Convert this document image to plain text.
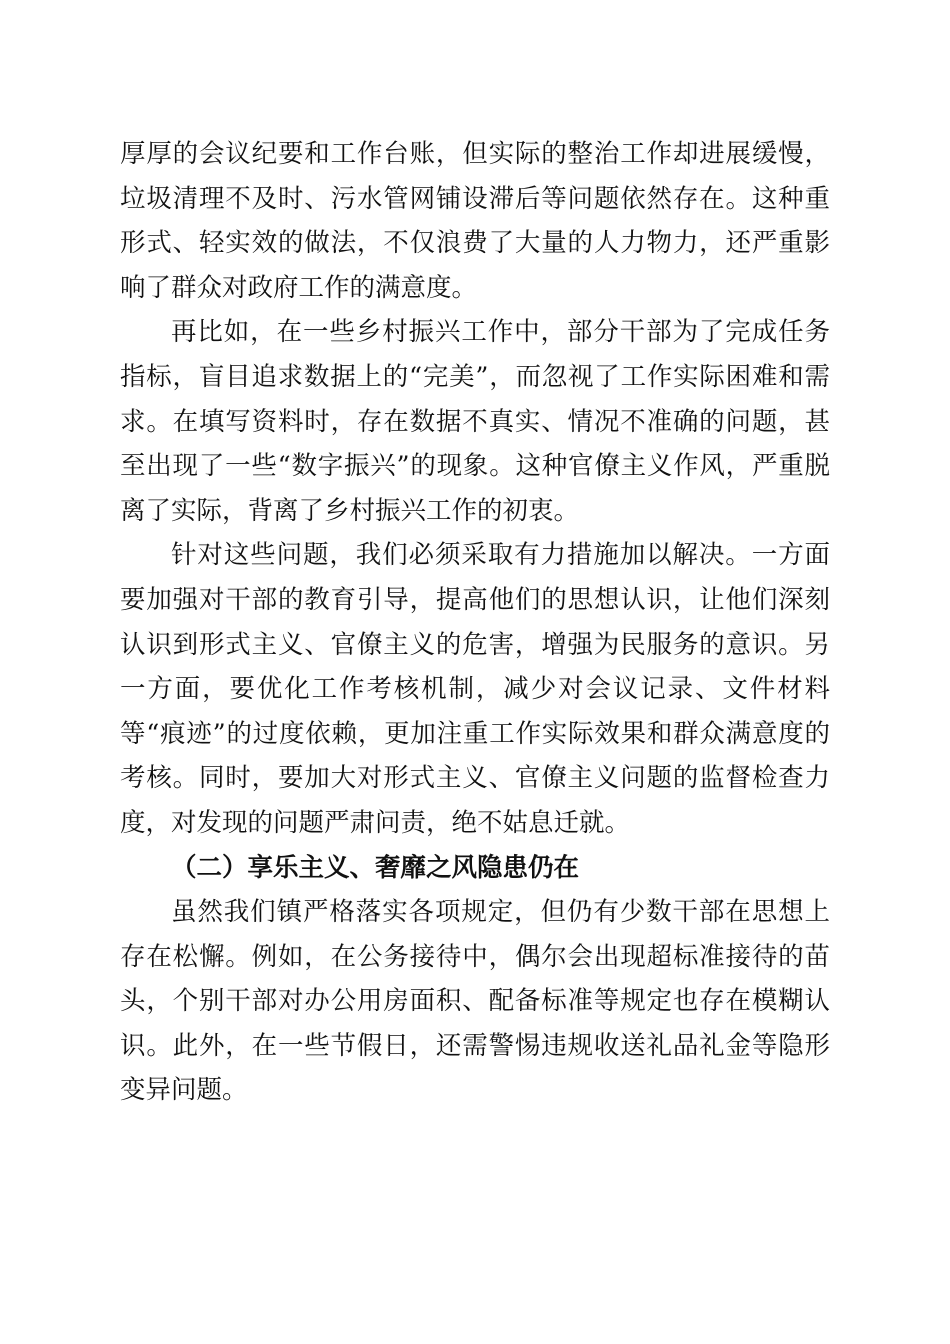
厚厚的会议纪要和工作台账，但实际的整治工作却进展缓慢，垃圾清理不及时、污水管网铺设滞后等问题依然存在。这种重形式、轻实效的做法，不仅浪费了大量的人力物力，还严重影响了群众对政府工作的满意度。

再比如，在一些乡村振兴工作中，部分干部为了完成任务指标，盲目追求数据上的“完美”，而忽视了工作实际困难和需求。在填写资料时，存在数据不真实、情况不准确的问题，甚至出现了一些“数字振兴”的现象。这种官僚主义作风，严重脱离了实际，背离了乡村振兴工作的初衷。

针对这些问题，我们必须采取有力措施加以解决。一方面要加强对干部的教育引导，提高他们的思想认识，让他们深刻认识到形式主义、官僚主义的危害，增强为民服务的意识。另一方面，要优化工作考核机制，减少对会议记录、文件材料等“痕迹”的过度依赖，更加注重工作实际效果和群众满意度的考核。同时，要加大对形式主义、官僚主义问题的监督检查力度，对发现的问题严肃问责，绝不姑息迁就。

（二）享乐主义、奢靡之风隐患仍在

虽然我们镇严格落实各项规定，但仍有少数干部在思想上存在松懈。例如，在公务接待中，偶尔会出现超标准接待的苗头，个别干部对办公用房面积、配备标准等规定也存在模糊认识。此外，在一些节假日，还需警惕违规收送礼品礼金等隐形变异问题。
